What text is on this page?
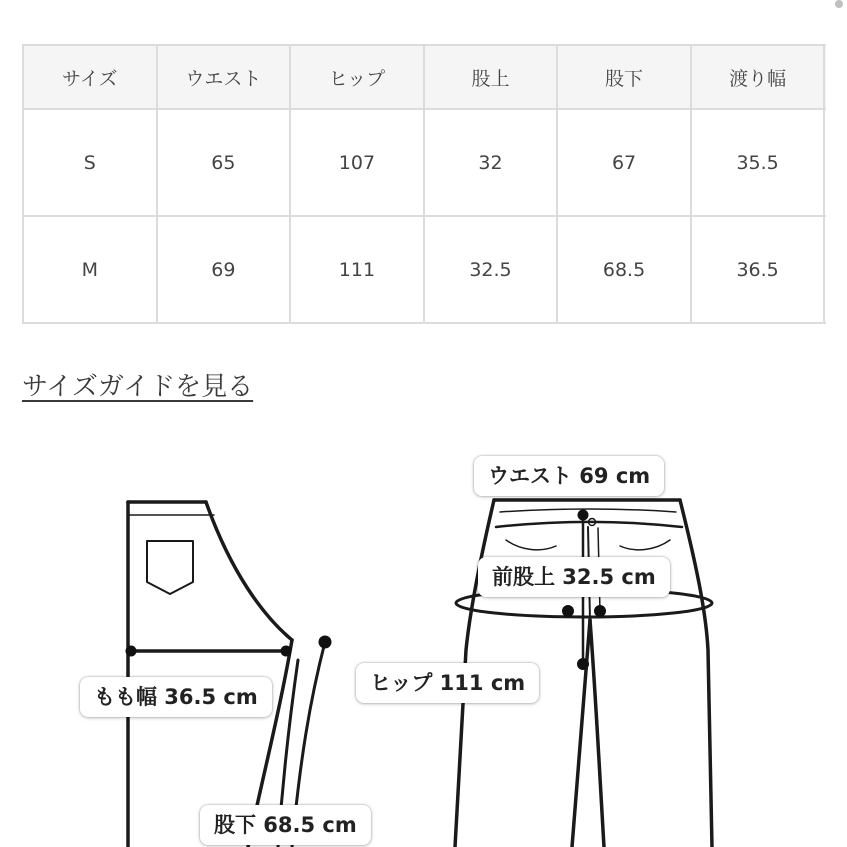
サイズ	ウエスト	ヒップ	股上	股下	渡り幅	
S	65	107	32	67	35.5	
M	69	111	32.5	68.5	36.5	
サイズガイドを見る
ウエスト 69 cm
前股上 32.5 cm
ヒップ 111 cm
もも幅 36.5 cm
股下 68.5 cm
